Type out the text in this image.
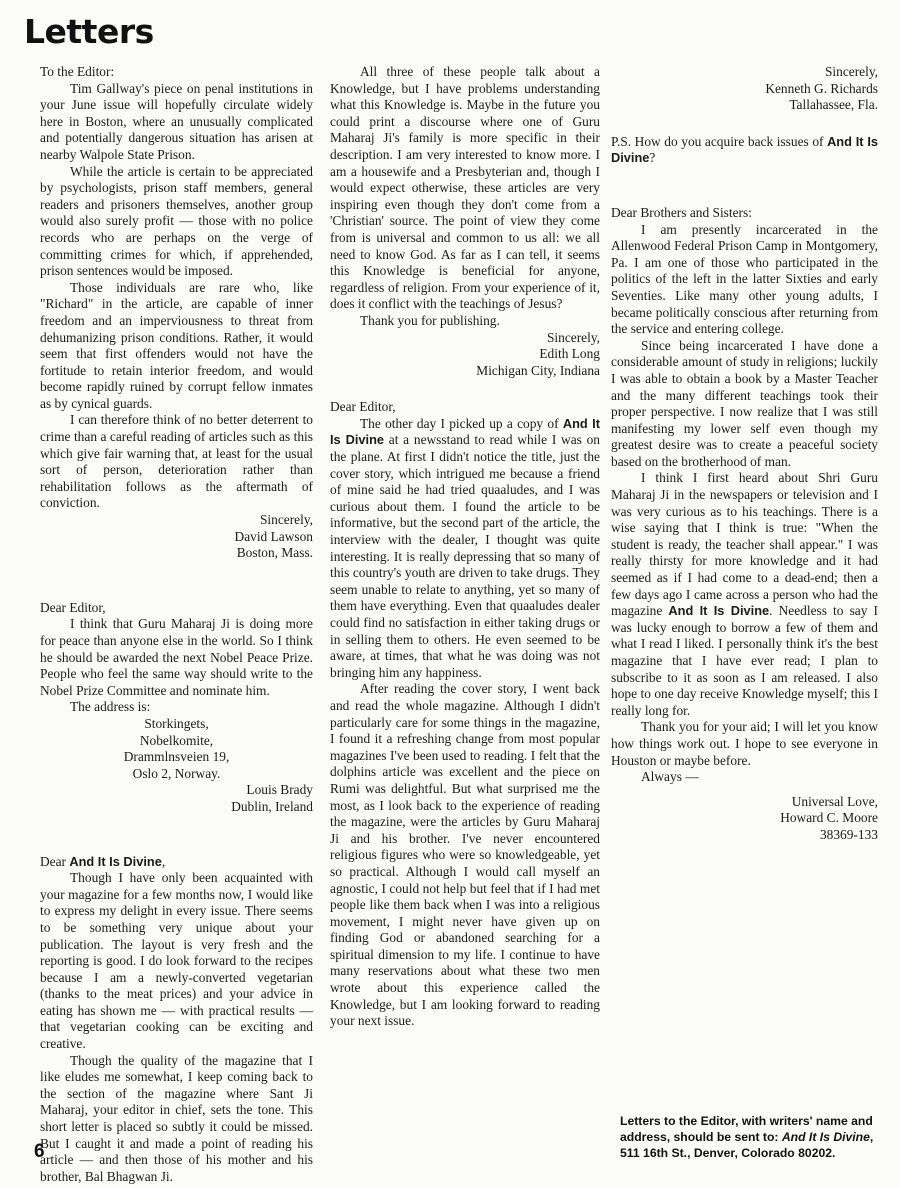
Letters

To the Editor:

Tim Gallway's piece on penal institutions in your June issue will hopefully circulate widely here in Boston, where an unusually complicated and potentially dangerous situation has arisen at nearby Walpole State Prison.

While the article is certain to be appreciated by psychologists, prison staff members, general readers and prisoners themselves, another group would also surely profit — those with no police records who are perhaps on the verge of committing crimes for which, if apprehended, prison sentences would be imposed.

Those individuals are rare who, like "Richard" in the article, are capable of inner freedom and an imperviousness to threat from dehumanizing prison conditions. Rather, it would seem that first offenders would not have the fortitude to retain interior freedom, and would become rapidly ruined by corrupt fellow inmates as by cynical guards.

I can therefore think of no better deterrent to crime than a careful reading of articles such as this which give fair warning that, at least for the usual sort of person, deterioration rather than rehabilitation follows as the aftermath of conviction.

Sincerely,

David Lawson

Boston, Mass.

Dear Editor,

I think that Guru Maharaj Ji is doing more for peace than anyone else in the world. So I think he should be awarded the next Nobel Peace Prize. People who feel the same way should write to the Nobel Prize Committee and nominate him.

The address is:

Storkingets,

Nobelkomite,

Drammlnsveien 19,

Oslo 2, Norway.

Louis Brady

Dublin, Ireland

Dear And It Is Divine,

Though I have only been acquainted with your magazine for a few months now, I would like to express my delight in every issue. There seems to be something very unique about your publication. The layout is very fresh and the reporting is good. I do look forward to the recipes because I am a newly-converted vegetarian (thanks to the meat prices) and your advice in eating has shown me — with practical results — that vegetarian cooking can be exciting and creative.

Though the quality of the magazine that I like eludes me somewhat, I keep coming back to the section of the magazine where Sant Ji Maharaj, your editor in chief, sets the tone. This short letter is placed so subtly it could be missed. But I caught it and made a point of reading his article — and then those of his mother and his brother, Bal Bhagwan Ji.

All three of these people talk about a Knowledge, but I have problems understanding what this Knowledge is. Maybe in the future you could print a discourse where one of Guru Maharaj Ji's family is more specific in their description. I am very interested to know more. I am a housewife and a Presbyterian and, though I would expect otherwise, these articles are very inspiring even though they don't come from a 'Christian' source. The point of view they come from is universal and common to us all: we all need to know God. As far as I can tell, it seems this Knowledge is beneficial for anyone, regardless of religion. From your experience of it, does it conflict with the teachings of Jesus?

Thank you for publishing.

Sincerely,

Edith Long

Michigan City, Indiana

Dear Editor,

The other day I picked up a copy of And It Is Divine at a newsstand to read while I was on the plane. At first I didn't notice the title, just the cover story, which intrigued me because a friend of mine said he had tried quaaludes, and I was curious about them. I found the article to be informative, but the second part of the article, the interview with the dealer, I thought was quite interesting. It is really depressing that so many of this country's youth are driven to take drugs. They seem unable to relate to anything, yet so many of them have everything. Even that quaaludes dealer could find no satisfaction in either taking drugs or in selling them to others. He even seemed to be aware, at times, that what he was doing was not bringing him any happiness.

After reading the cover story, I went back and read the whole magazine. Although I didn't particularly care for some things in the magazine, I found it a refreshing change from most popular magazines I've been used to reading. I felt that the dolphins article was excellent and the piece on Rumi was delightful. But what surprised me the most, as I look back to the experience of reading the magazine, were the articles by Guru Maharaj Ji and his brother. I've never encountered religious figures who were so knowledgeable, yet so practical. Although I would call myself an agnostic, I could not help but feel that if I had met people like them back when I was into a religious movement, I might never have given up on finding God or abandoned searching for a spiritual dimension to my life. I continue to have many reservations about what these two men wrote about this experience called the Knowledge, but I am looking forward to reading your next issue.

Sincerely,

Kenneth G. Richards

Tallahassee, Fla.

P.S. How do you acquire back issues of And It Is Divine?

Dear Brothers and Sisters:

I am presently incarcerated in the Allenwood Federal Prison Camp in Montgomery, Pa. I am one of those who participated in the politics of the left in the latter Sixties and early Seventies. Like many other young adults, I became politically conscious after returning from the service and entering college.

Since being incarcerated I have done a considerable amount of study in religions; luckily I was able to obtain a book by a Master Teacher and the many different teachings took their proper perspective. I now realize that I was still manifesting my lower self even though my greatest desire was to create a peaceful society based on the brotherhood of man.

I think I first heard about Shri Guru Maharaj Ji in the newspapers or television and I was very curious as to his teachings. There is a wise saying that I think is true: "When the student is ready, the teacher shall appear." I was really thirsty for more knowledge and it had seemed as if I had come to a dead-end; then a few days ago I came across a person who had the magazine And It Is Divine. Needless to say I was lucky enough to borrow a few of them and what I read I liked. I personally think it's the best magazine that I have ever read; I plan to subscribe to it as soon as I am released. I also hope to one day receive Knowledge myself; this I really long for.

Thank you for your aid; I will let you know how things work out. I hope to see everyone in Houston or maybe before.

Always —

Universal Love,

Howard C. Moore

38369-133

Letters to the Editor, with writers' name and address, should be sent to: And It Is Divine, 511 16th St., Denver, Colorado 80202.
6
